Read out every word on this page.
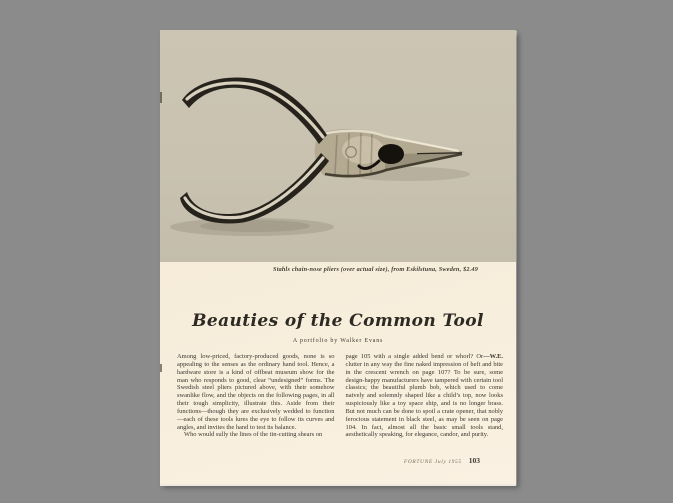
Stahls chain-nose pliers (over actual size), from Eskilstuna, Sweden, $2.49
Beauties of the Common Tool
A portfolio by Walker Evans

Among low-priced, factory-produced goods, none is so appealing to the senses as the ordinary hand tool. Hence, a hardware store is a kind of offbeat museum show for the man who responds to good, clear “undesigned” forms. The Swedish steel pliers pictured above, with their somehow swanlike flow, and the objects on the following pages, in all their tough simplicity, illustrate this. Aside from their functions—though they are exclusively wedded to function—each of these tools lures the eye to follow its curves and angles, and invites the hand to test its balance.

Who would sully the lines of the tin-cutting shears on

—W.E.
page 105 with a single added bend or whorl? Or clutter in any way the fine naked impression of heft and bite in the crescent wrench on page 107? To be sure, some design-happy manufacturers have tampered with certain tool classics; the beautiful plumb bob, which used to come naively and solemnly shaped like a child’s top, now looks suspiciously like a toy space ship, and is no longer brass. But not much can be done to spoil a crate opener, that nobly ferocious statement in black steel, as may be seen on page 104. In fact, almost all the basic small tools stand, aesthetically speaking, for elegance, candor, and purity.

FORTUNE July 1955 103
